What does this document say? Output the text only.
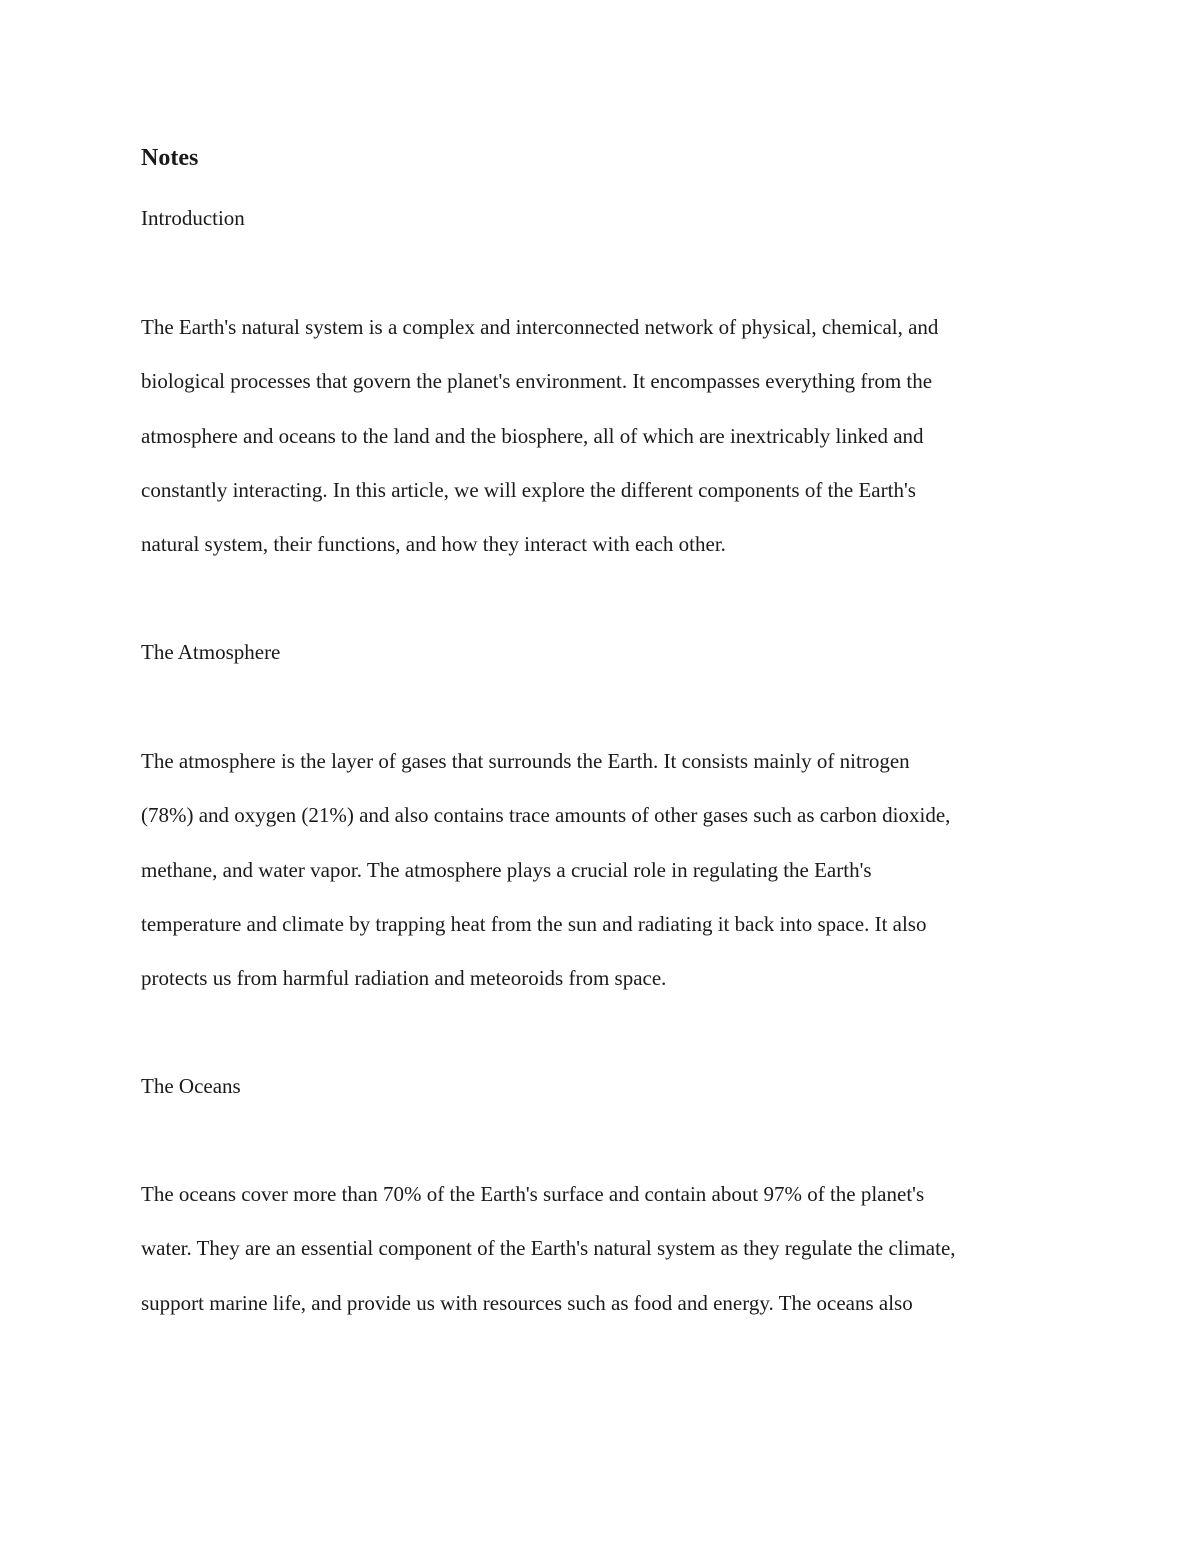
Notes
Introduction
The Earth's natural system is a complex and interconnected network of physical, chemical, and
biological processes that govern the planet's environment. It encompasses everything from the
atmosphere and oceans to the land and the biosphere, all of which are inextricably linked and
constantly interacting. In this article, we will explore the different components of the Earth's
natural system, their functions, and how they interact with each other.
The Atmosphere
The atmosphere is the layer of gases that surrounds the Earth. It consists mainly of nitrogen
(78%) and oxygen (21%) and also contains trace amounts of other gases such as carbon dioxide,
methane, and water vapor. The atmosphere plays a crucial role in regulating the Earth's
temperature and climate by trapping heat from the sun and radiating it back into space. It also
protects us from harmful radiation and meteoroids from space.
The Oceans
The oceans cover more than 70% of the Earth's surface and contain about 97% of the planet's
water. They are an essential component of the Earth's natural system as they regulate the climate,
support marine life, and provide us with resources such as food and energy. The oceans also
